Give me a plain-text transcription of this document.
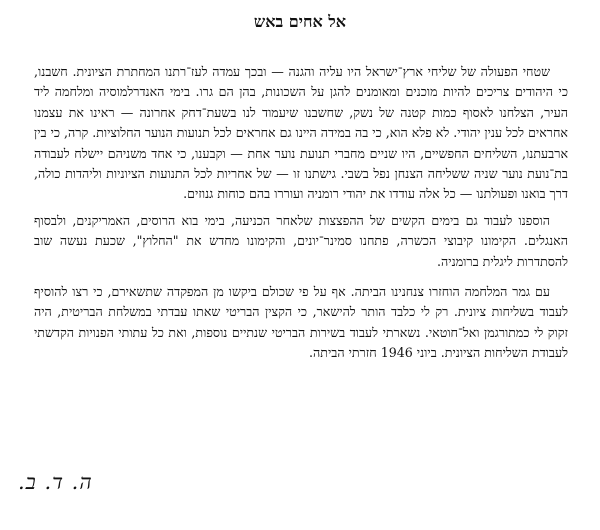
אל אחים באש

שטחי הפעולה של שליחי ארץ־ישראל היו עליה והגנה — ובכך עמדה לעז־רתנו המחתרת הציונית. חשבנו, כי היהודים צריכים להיות מוכנים ומאומנים להגן על השכונות, בהן הם גרו. בימי האנדרלמוסיה ומלחמה ליד העיר, הצלחנו לאסוף כמות קטנה של נשק, שחשבנו שיעמוד לנו בשעת־דחק אחרונה — ראינו את עצמנו אחראים לכל ענין יהודי. לא פלא הוא, כי בה במידה היינו גם אחראים לכל תנועות הנוער החלוציות. קרה, כי בין ארבעתנו, השליחים החפשיים, היו שניים מחברי תנועת נוער אחת — וקבענו, כי אחד משניהם יישלח לעבודה בת־נועת נוער שניה ששליחה הצנחן נפל בשבי. גישתנו זו — של אחריות לכל התנועות הציוניות וליהדות כולה, דרך בואנו ופעולתנו — כל אלה עודדו את יהודי רומניה ועוררו בהם כוחות גנוזים.

הוספנו לעבוד גם בימים הקשים של ההפצצות שלאחר הכניעה, בימי בוא הרוסים, האמריקנים, ולבסוף האנגלים. הקימונו קיבוצי הכשרה, פתחנו סמינר־יונים, והקימונו מחדש את "החלוץ", שכעת נעשה שוב להסתדרות ליגלית ברומניה.

עם גמר המלחמה הוחזרו צנחנינו הביתה. אף על פי שכולם ביקשו מן המפקדה שתשאירם, כי רצו להוסיף לעבוד בשליחות ציונית. רק לי כלבד הותר להישאר, כי הקצין הבריטי שאתו עבדתי במשלחת הבריטית, היה זקוק לי כמתורגמן ואל־חוטאי. נשארתי לעבוד בשירות הבריטי שנתיים נוספות, ואת כל עתותי הפנויות הקדשתי לעבודת השליחות הציונית. ביוני 1946 חזרתי הביתה.

ה. ד. ב.
